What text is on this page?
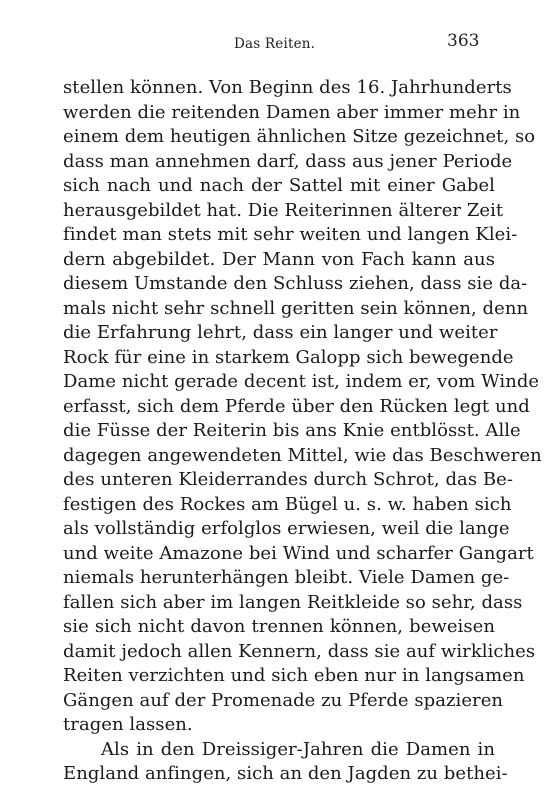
Das Reiten.	363
stellen können. Von Beginn des 16. Jahrhunderts
werden die reitenden Damen aber immer mehr in
einem dem heutigen ähnlichen Sitze gezeichnet, so
dass man annehmen darf, dass aus jener Periode
sich nach und nach der Sattel mit einer Gabel
herausgebildet hat. Die Reiterinnen älterer Zeit
findet man stets mit sehr weiten und langen Klei-
dern abgebildet. Der Mann von Fach kann aus
diesem Umstande den Schluss ziehen, dass sie da-
mals nicht sehr schnell geritten sein können, denn
die Erfahrung lehrt, dass ein langer und weiter
Rock für eine in starkem Galopp sich bewegende
Dame nicht gerade decent ist, indem er, vom Winde
erfasst, sich dem Pferde über den Rücken legt und
die Füsse der Reiterin bis ans Knie entblösst. Alle
dagegen angewendeten Mittel, wie das Beschweren
des unteren Kleiderrandes durch Schrot, das Be-
festigen des Rockes am Bügel u. s. w. haben sich
als vollständig erfolglos erwiesen, weil die lange
und weite Amazone bei Wind und scharfer Gangart
niemals herunterhängen bleibt. Viele Damen ge-
fallen sich aber im langen Reitkleide so sehr, dass
sie sich nicht davon trennen können, beweisen
damit jedoch allen Kennern, dass sie auf wirkliches
Reiten verzichten und sich eben nur in langsamen
Gängen auf der Promenade zu Pferde spazieren
tragen lassen.
Als in den Dreissiger-Jahren die Damen in
England anfingen, sich an den Jagden zu bethei-
